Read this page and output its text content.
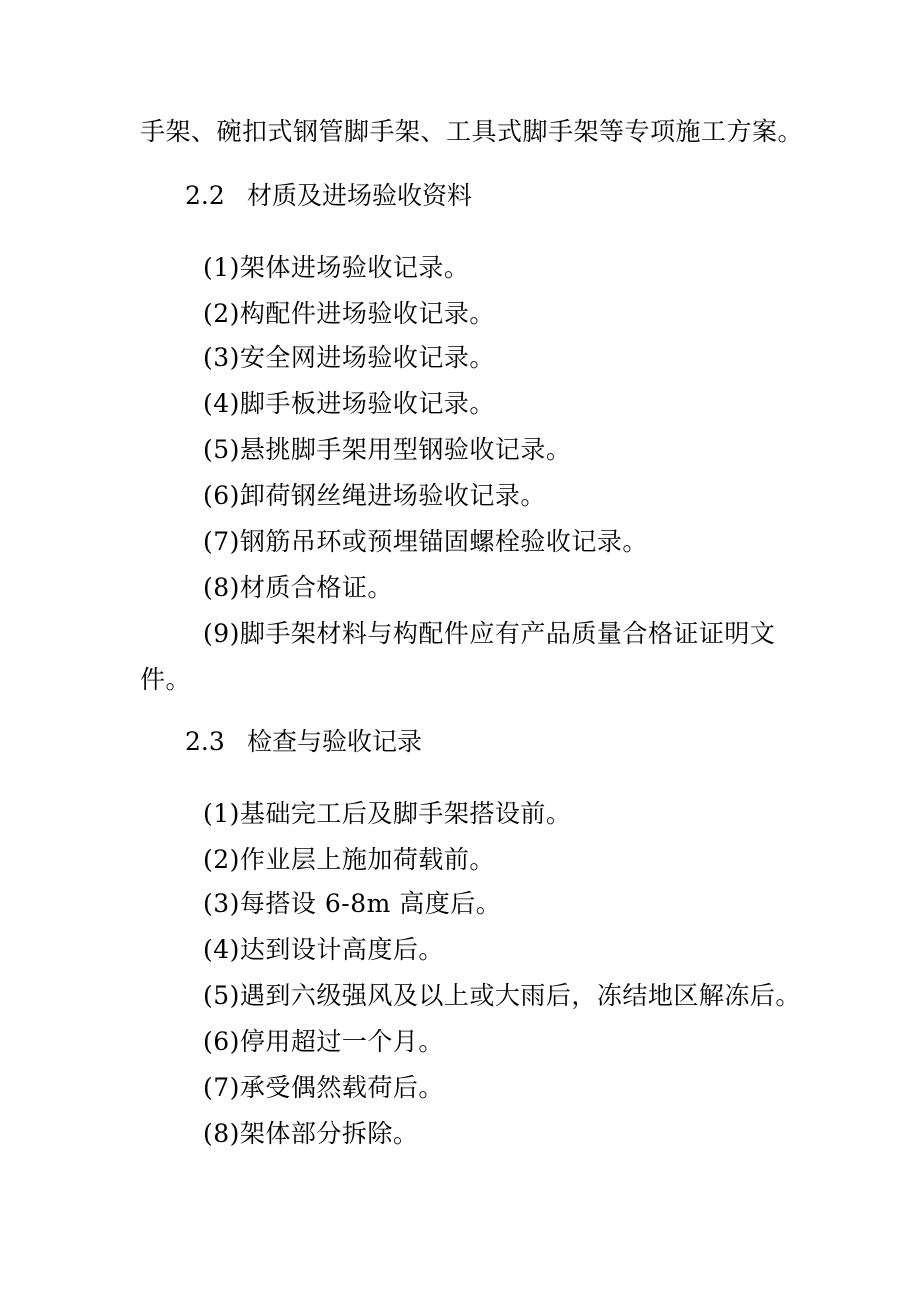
手架、碗扣式钢管脚手架、工具式脚手架等专项施工方案。
2.2 材质及进场验收资料
(1)架体进场验收记录。
(2)构配件进场验收记录。
(3)安全网进场验收记录。
(4)脚手板进场验收记录。
(5)悬挑脚手架用型钢验收记录。
(6)卸荷钢丝绳进场验收记录。
(7)钢筋吊环或预埋锚固螺栓验收记录。
(8)材质合格证。
(9)脚手架材料与构配件应有产品质量合格证证明文
件。
2.3 检查与验收记录
(1)基础完工后及脚手架搭设前。
(2)作业层上施加荷载前。
(3)每搭设 6-8m 高度后。
(4)达到设计高度后。
(5)遇到六级强风及以上或大雨后，冻结地区解冻后。
(6)停用超过一个月。
(7)承受偶然载荷后。
(8)架体部分拆除。
